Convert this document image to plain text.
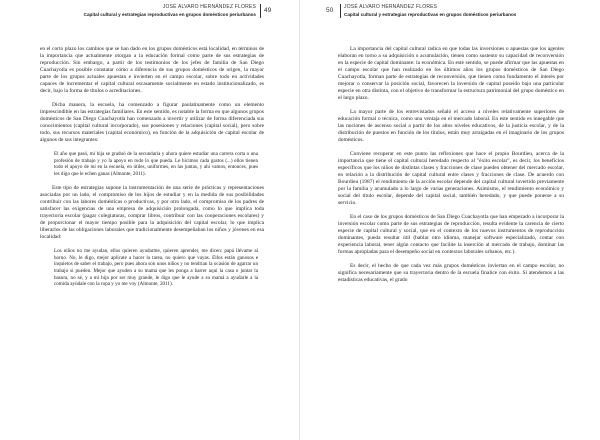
JOSÉ ALVARO HERNÁNDEZ FLORES
Capital cultural y estrategias reproductivas en grupos domésticos periurbanos
49

en el corto plazo los cambios que se han dado en los grupos domésticos está localidad, en términos de la importancia que actualmente otorgan a la educación formal como parte de sus estrategias de reproducción. Sin embargo, a partir de los testimonios de los jefes de familia de San Diego Cuachayotla es posible constatar cómo a diferencia de sus grupos domésticos de origen, la mayor parte de los grupos actuales apuestan e invierten en el campo escolar, sobre todo en actividades capaces de incrementar el capital cultural escasamente socialmente en estado institucionalizado, es decir, bajo la forma de títulos o acreditaciones.

Dicha manera, la escuela, ha comenzado a figurar paulatinamente como un elemento imprescindible en las estrategias familiares. En este sentido, es notable la forma en que algunos grupos domésticos de San Diego Cuachayotla han comenzado a invertir y utilizar de forma diferenciada sus conocimientos (capital cultural incorporado), sus posesiones y relaciones (capital social), pero sobre todo, sus recursos materiales (capital económico), en función de la adquisición de capital escolar de algunos de sus integrantes:

El año que pasó, mi hija se graduó de la secundaria y ahora quiere estudiar una carrera corta o una profesión de trabajo y yo la apoyo en todo lo que pueda. Le hicimos cada gastos (...) ellos tienen todo el apoyo de mí en la escuela, en útiles, uniformes, en las juntas, y ahí vamos, entonces, pues les digo que le echen ganas (Almonte, 2011).

Este tipo de estrategias supone la instrumentación de una serie de prácticas y representaciones asociadas por un lado, el compromiso de los hijos de estudiar y en la medida de sus posibilidades contribuir con las labores domésticas o productivas, y por otro lado, el compromiso de los padres de satisfacer las exigencias de una empresa de adquisición prolongada, como lo que implica toda trayectoria escolar (pagar colegiaturas, comprar libros, contribuir con las cooperaciones escolares) y de proporcionar el mayor tiempo posible para la adquisición del capital escolar, lo que implica liberarlos de las obligaciones laborales que tradicionalmente desempeñaban los niños y jóvenes en esa localidad:

Los niños no me ayudan, ellos quieren ayudarme, quieren aprender, me dicen: papá llévame al horno. No, le digo, mejor aplícate a hacer la tarea, no quiero que vayas. Ellos están ganosos e inquietos de saber el trabajo, pero pues ahora son unos niños y no tendrían la ocasión de agarrar un trabajo si pueden. Mejor que ayuden a su mamá que les ponga a barrer aquí la casa o juntar la basura, no sé, y a mi hija por ser muy grande, le digo que le ayude a su mamá a ayudarle a la comida ayúdale con la ropa y yo me voy (Almonte, 2011).

50 JOSÉ ALVARO HERNÁNDEZ FLORES
Capital cultural y estrategias reproductivas en grupos domésticos periurbanos

La importancia del capital cultural radica en que todas las inversiones o apuestas que los agentes elaboran en torno a su adquisición o acumulación, tienen como sustento su capacidad de reconversión en la especie de capital dominante: la económica. En este sentido, se puede afirmar que las apuestas en el campo escolar que han realizado en los últimos años los grupos domésticos de San Diego Cuachayotla, forman parte de estrategias de reconversión, que tienen como fundamento el interés por mejorar o conservar la posición social, favorecen la inversión de capital poseído bajo una particular especie en otra distinta, con el objetivo de transformar la estructura patrimonial del grupo doméstico en el largo plazo.

La mayor parte de los entrevistados señaló el acceso a niveles relativamente superiores de educación formal o técnica, como una ventaja en el mercado laboral. En este sentido es innegable que las nociones de ascenso social a partir de los altos niveles educativos, de la justicia escolar, y de la distribución de puestos en función de los títulos, están muy arraigadas en el imaginario de los grupos domésticos.

Conviene recuperar en este punto las reflexiones que hace el propio Bourdieu, acerca de la importancia que tiene el capital cultural heredado respecto al "éxito escolar", es decir, los beneficios específicos que los niños de distintas clases y fracciones de clase pueden obtener del mercado escolar, en relación a la distribución de capital cultural entre clases y fracciones de clase. De acuerdo con Bourdieu (1987) el rendimiento de la acción escolar depende del capital cultural invertido previamente por la familia y acumulado a lo largo de varias generaciones. Asimismo, el rendimiento económico y social del título escolar, depende del capital social, también heredado, y que puede ponerse a su servicio.

En el caso de los grupos domésticos de San Diego Cuachayotla que han empezado a incorporar la inversión escolar como parte de sus estrategias de reproducción, resulta evidente la carencia de cierto especie de capital cultural y social, que en el contexto de los nuevos instrumentos de reproducción dominantes, pueda resultar útil (hablar otro idioma, manejar software especializado, contar con experiencia laboral, tener algún contacto que facilite la inserción al mercado de trabajo, dominar las formas apropiadas para el desempeño social en contextos laborales urbanos, etc.).

Es decir, el hecho de que cada vez más grupos domésticos inviertan en el campo escolar, no significa necesariamente que su trayectoria dentro de la escuela finalice con éxito. Si atendemos a las estadísticas educativas, el grado
